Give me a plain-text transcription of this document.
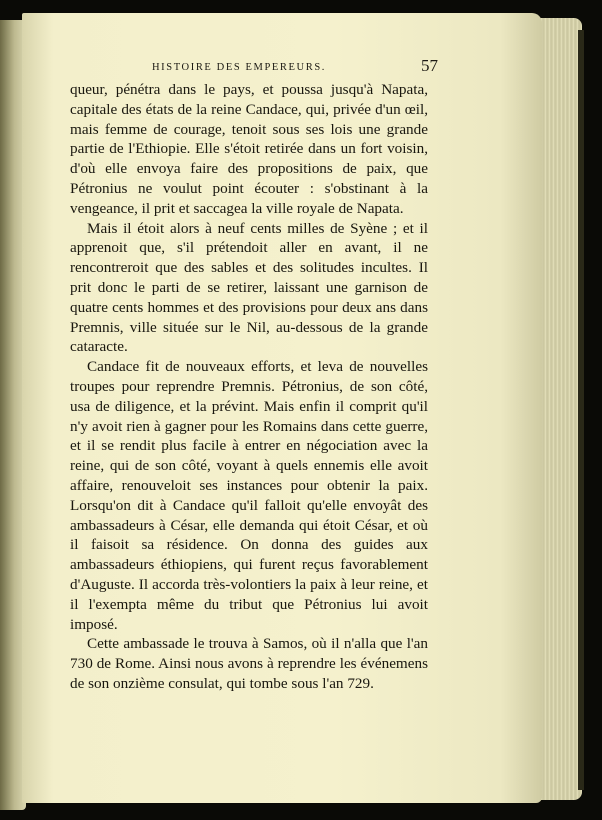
HISTOIRE DES EMPEREURS.	57

queur, pénétra dans le pays, et poussa jusqu'à Napata, capitale des états de la reine Candace, qui, privée d'un œil, mais femme de courage, tenoit sous ses lois une grande partie de l'Ethiopie. Elle s'étoit retirée dans un fort voisin, d'où elle envoya faire des propositions de paix, que Pétronius ne voulut point écouter : s'obstinant à la vengeance, il prit et saccagea la ville royale de Napata.

Mais il étoit alors à neuf cents milles de Syène ; et il apprenoit que, s'il prétendoit aller en avant, il ne rencontreroit que des sables et des solitudes incultes. Il prit donc le parti de se retirer, laissant une garnison de quatre cents hommes et des provisions pour deux ans dans Premnis, ville située sur le Nil, au-dessous de la grande cataracte.

Candace fit de nouveaux efforts, et leva de nouvelles troupes pour reprendre Premnis. Pétronius, de son côté, usa de diligence, et la prévint. Mais enfin il comprit qu'il n'y avoit rien à gagner pour les Romains dans cette guerre, et il se rendit plus facile à entrer en négociation avec la reine, qui de son côté, voyant à quels ennemis elle avoit affaire, renouveloit ses instances pour obtenir la paix. Lorsqu'on dit à Candace qu'il falloit qu'elle envoyât des ambassadeurs à César, elle demanda qui étoit César, et où il faisoit sa résidence. On donna des guides aux ambassadeurs éthiopiens, qui furent reçus favorablement d'Auguste. Il accorda très-volontiers la paix à leur reine, et il l'exempta même du tribut que Pétronius lui avoit imposé.

Cette ambassade le trouva à Samos, où il n'alla que l'an 730 de Rome. Ainsi nous avons à reprendre les événemens de son onzième consulat, qui tombe sous l'an 729.
